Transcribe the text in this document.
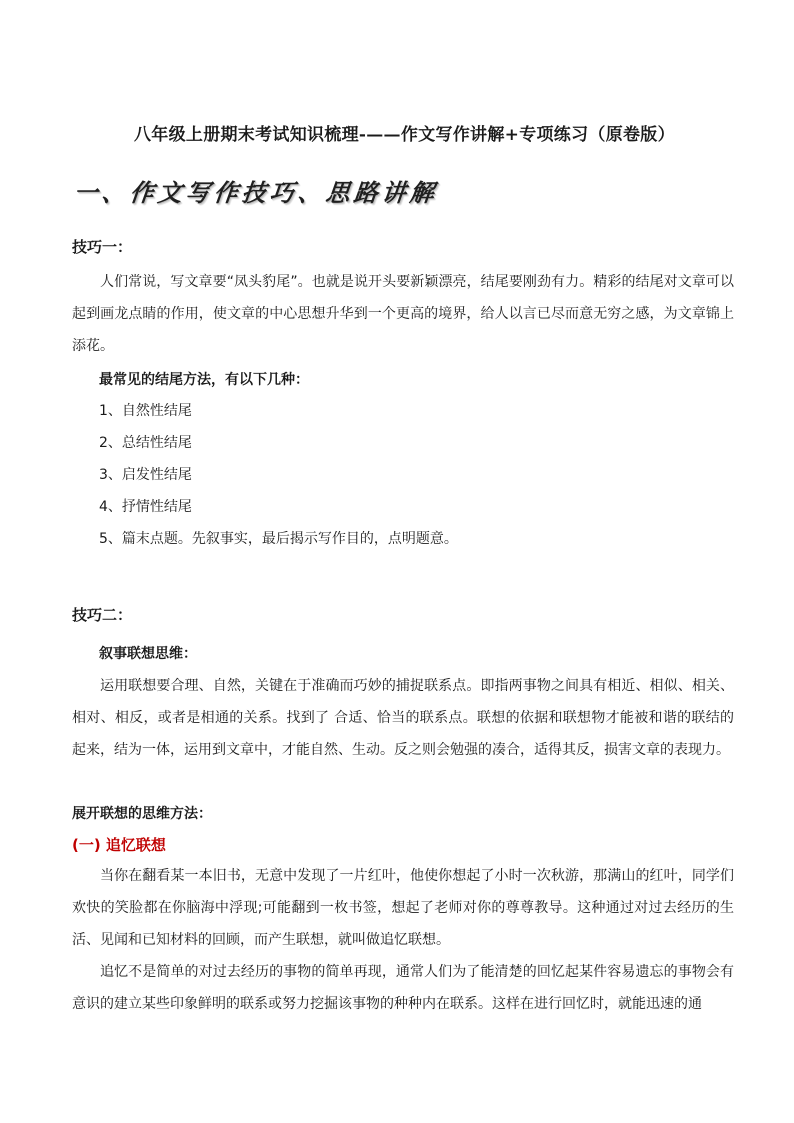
八年级上册期末考试知识梳理-——作文写作讲解+专项练习（原卷版）
一、作文写作技巧、思路讲解
技巧一：
人们常说，写文章要“凤头豹尾”。也就是说开头要新颖漂亮，结尾要刚劲有力。精彩的结尾对文章可以起到画龙点睛的作用，使文章的中心思想升华到一个更高的境界，给人以言已尽而意无穷之感，为文章锦上添花。
最常见的结尾方法，有以下几种：
1、自然性结尾
2、总结性结尾
3、启发性结尾
4、抒情性结尾
5、篇末点题。先叙事实，最后揭示写作目的，点明题意。
技巧二：
叙事联想思维：
运用联想要合理、自然，关键在于准确而巧妙的捕捉联系点。即指两事物之间具有相近、相似、相关、相对、相反，或者是相通的关系。找到了 合适、恰当的联系点。联想的依据和联想物才能被和谐的联结的起来，结为一体，运用到文章中，才能自然、生动。反之则会勉强的凑合，适得其反，损害文章的表现力。
展开联想的思维方法：
(一) 追忆联想
当你在翻看某一本旧书，无意中发现了一片红叶，他使你想起了小时一次秋游，那满山的红叶，同学们欢快的笑脸都在你脑海中浮现;可能翻到一枚书签，想起了老师对你的尊尊教导。这种通过对过去经历的生活、见闻和已知材料的回顾，而产生联想，就叫做追忆联想。
追忆不是简单的对过去经历的事物的简单再现，通常人们为了能清楚的回忆起某件容易遗忘的事物会有意识的建立某些印象鲜明的联系或努力挖掘该事物的种种内在联系。这样在进行回忆时，就能迅速的通
